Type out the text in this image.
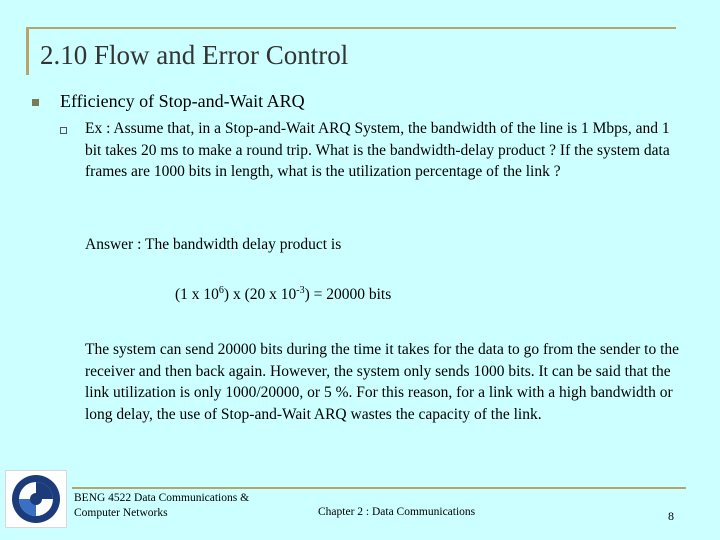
2.10 Flow and Error Control
Efficiency of Stop-and-Wait ARQ
Ex : Assume that, in a Stop-and-Wait ARQ System, the bandwidth of the line is 1 Mbps, and 1 bit takes 20 ms to make a round trip. What is the bandwidth-delay product ? If the system data frames are 1000 bits in length, what is the utilization percentage of the link ?
Answer : The bandwidth delay product is
(1 x $10^6$) x (20 x $10^{-3}) = 20000$ bits
The system can send 20000 bits during the time it takes for the data to go from the sender to the receiver and then back again. However, the system only sends 1000 bits. It can be said that the link utilization is only 1000/20000, or 5 %. For this reason, for a link with a high bandwidth or long delay, the use of Stop-and-Wait ARQ wastes the capacity of the link.
BENG 4522 Data Communications & Computer Networks	Chapter 2 : Data Communications	8
